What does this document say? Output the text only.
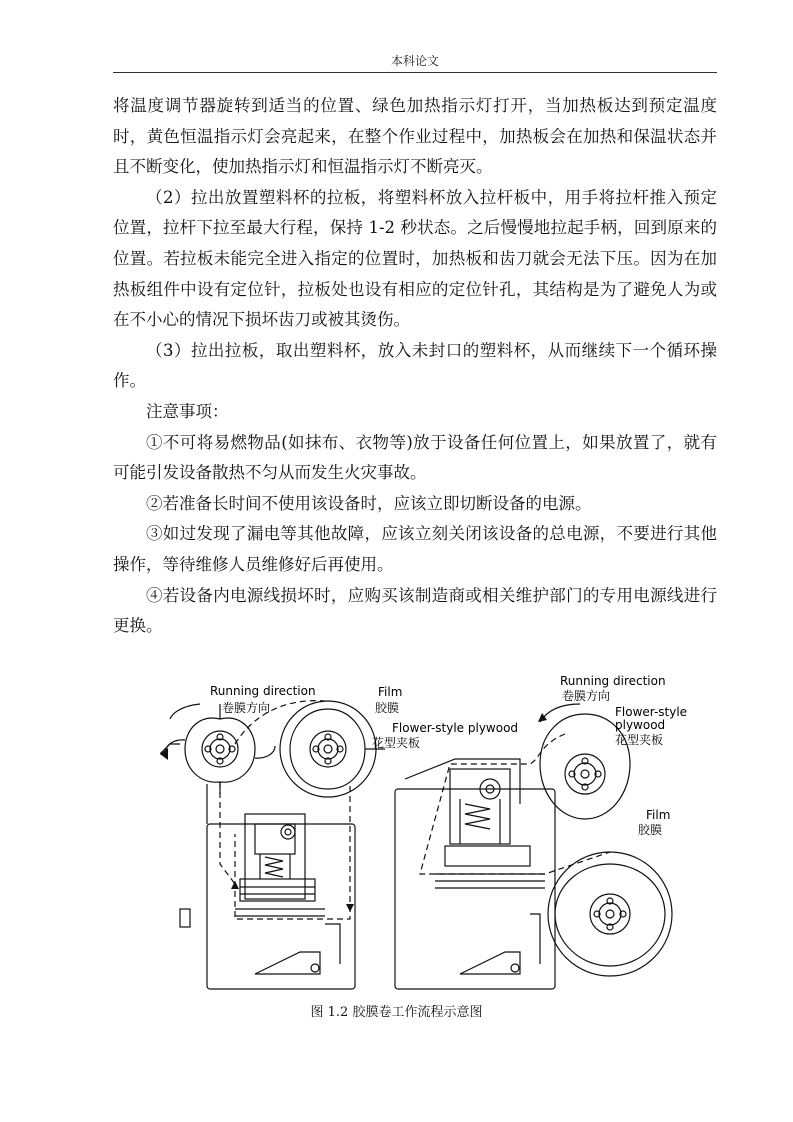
本科论文

将温度调节器旋转到适当的位置、绿色加热指示灯打开，当加热板达到预定温度时，黄色恒温指示灯会亮起来，在整个作业过程中，加热板会在加热和保温状态并且不断变化，使加热指示灯和恒温指示灯不断亮灭。

（2）拉出放置塑料杯的拉板，将塑料杯放入拉杆板中，用手将拉杆推入预定位置，拉杆下拉至最大行程，保持 1-2 秒状态。之后慢慢地拉起手柄，回到原来的位置。若拉板未能完全进入指定的位置时，加热板和齿刀就会无法下压。因为在加热板组件中设有定位针，拉板处也设有相应的定位针孔，其结构是为了避免人为或在不小心的情况下损坏齿刀或被其烫伤。

（3）拉出拉板，取出塑料杯，放入未封口的塑料杯，从而继续下一个循环操作。

注意事项：

①不可将易燃物品(如抹布、衣物等)放于设备任何位置上，如果放置了，就有可能引发设备散热不匀从而发生火灾事故。

②若准备长时间不使用该设备时，应该立即切断设备的电源。

③如过发现了漏电等其他故障，应该立刻关闭该设备的总电源，不要进行其他操作，等待维修人员维修好后再使用。

④若设备内电源线损坏时，应购买该制造商或相关维护部门的专用电源线进行更换。

Running direction
卷膜方向
Film
胶膜
Flower-style plywood
花型夹板
Running direction
卷膜方向
Flower-style
plywood
花型夹板
Film
胶膜
图 1.2 胶膜卷工作流程示意图
